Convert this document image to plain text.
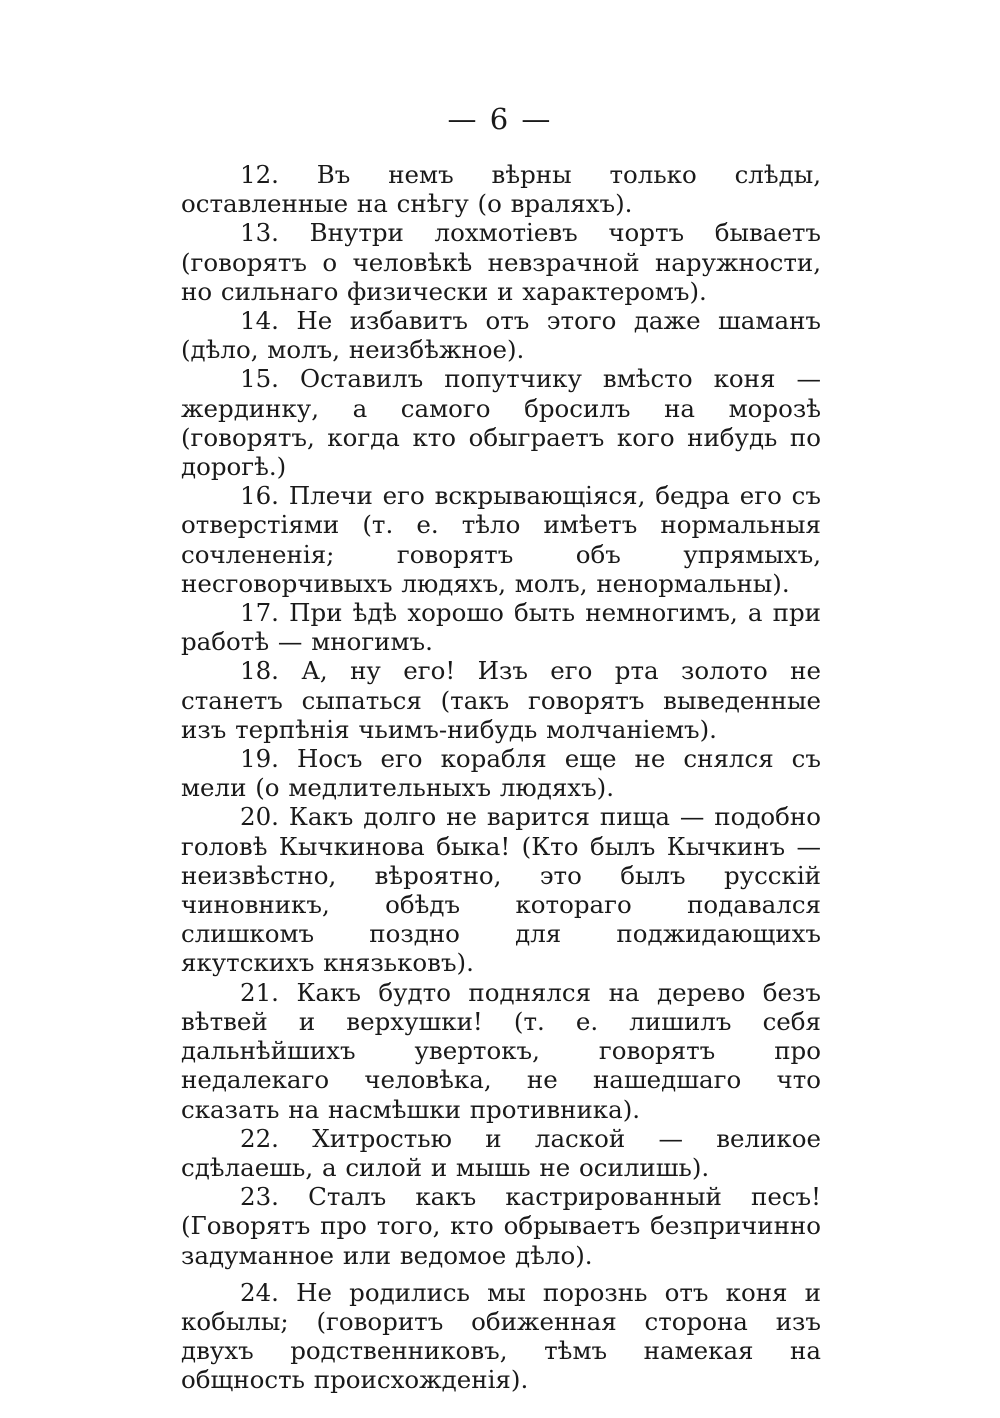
— 6 —

12. Въ немъ вѣрны только слѣды, оставленные на снѣгу (о враляхъ).

13. Внутри лохмотіевъ чортъ бываетъ (говорятъ о человѣкѣ невзрачной наружности, но сильнаго физически и характеромъ).

14. Не избавитъ отъ этого даже шаманъ (дѣло, молъ, неизбѣжное).

15. Оставилъ попутчику вмѣсто коня — жердинку, а самого бросилъ на морозѣ (говорятъ, когда кто обыграетъ кого нибудь по дорогѣ.)

16. Плечи его вскрывающіяся, бедра его съ отверстіями (т. е. тѣло имѣетъ нормальныя сочлененія; говорятъ объ упрямыхъ, несговорчивыхъ людяхъ, молъ, ненормальны).

17. При ѣдѣ хорошо быть немногимъ, а при работѣ — многимъ.

18. А, ну его! Изъ его рта золото не станетъ сыпаться (такъ говорятъ выведенные изъ терпѣнія чьимъ-нибудь молчаніемъ).

19. Носъ его корабля еще не снялся съ мели (о медлительныхъ людяхъ).

20. Какъ долго не варится пища — подобно головѣ Кычкинова быка! (Кто былъ Кычкинъ — неизвѣстно, вѣроятно, это былъ русскій чиновникъ, обѣдъ котораго подавался слишкомъ поздно для поджидающихъ якутскихъ князьковъ).

21. Какъ будто поднялся на дерево безъ вѣтвей и верхушки! (т. е. лишилъ себя дальнѣйшихъ увертокъ, говорятъ про недалекаго человѣка, не нашедшаго что сказать на насмѣшки противника).

22. Хитростью и лаской — великое сдѣлаешь, а силой и мышь не осилишь).

23. Сталъ какъ кастрированный песъ! (Говорятъ про того, кто обрываетъ безпричинно задуманное или ведомое дѣло).

24. Не родились мы порознь отъ коня и кобылы; (говоритъ обиженная сторона изъ двухъ родственниковъ, тѣмъ намекая на общность происхожденія).
